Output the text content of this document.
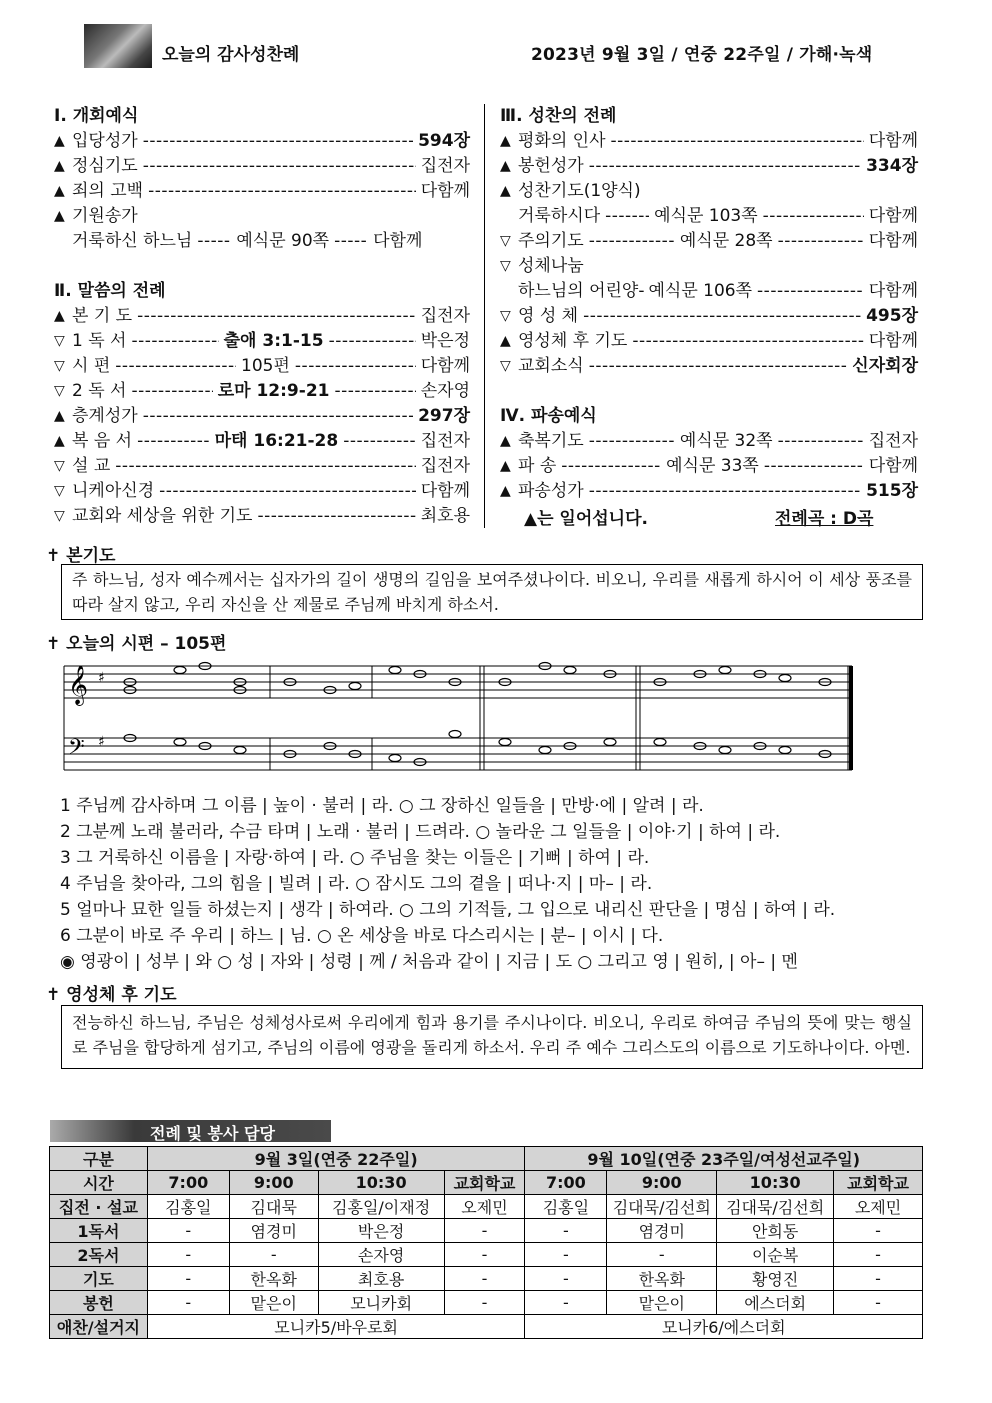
오늘의 감사성찬례	2023년 9월 3일 / 연중 22주일 / 가해·녹색
Ⅰ. 개회예식
▲ 입당성가 -----	594장
▲ 정심기도 -----	집전자
▲ 죄의 고백 -----	다함께
▲ 기원송가
거룩하신 하느님 -----	예식문 90쪽 -----	다함께
Ⅱ. 말씀의 전례
▲ 본 기 도 -----	집전자
▽ 1 독 서 -----	출애 3:1-15 -----	박은정
▽ 시 편 -----	105편 -----	다함께
▽ 2 독 서 -----	로마 12:9-21 -----	손자영
▲ 층계성가 -----	297장
▲ 복 음 서 -----	마태 16:21-28 -----	집전자
▽ 설 교 -----	집전자
▽ 니케아신경 -----	다함께
▽ 교회와 세상을 위한 기도 -----	최호용
Ⅲ. 성찬의 전례
▲ 평화의 인사 -----	다함께
▲ 봉헌성가 -----	334장
▲ 성찬기도(1양식)
거룩하시다 -----	예식문 103쪽 -----	다함께
▽ 주의기도 -----	예식문 28쪽 -----	다함께
▽ 성체나눔
하느님의 어린양- 예식문 106쪽 -----	다함께
▽ 영 성 체 -----	495장
▲ 영성체 후 기도 -----	다함께
▽ 교회소식 -----	신자회장
Ⅳ. 파송예식
▲ 축복기도 -----	예식문 32쪽 -----	집전자
▲ 파 송 -----	예식문 33쪽 -----	다함께
▲ 파송성가 -----	515장
▲는 일어섭니다.	전례곡 : D곡
✝ 본기도
주 하느님, 성자 예수께서는 십자가의 길이 생명의 길임을 보여주셨나이다. 비오니, 우리를 새롭게 하시어 이 세상 풍조를 따라 살지 않고, 우리 자신을 산 제물로 주님께 바치게 하소서.
✝ 오늘의 시편 – 105편
𝄞
𝄢
♯
♯
1 주님께 감사하며 그 이름 | 높이 · 불러 | 라. ○ 그 장하신 일들을 | 만방·에 | 알려 | 라.
2 그분께 노래 불러라, 수금 타며 | 노래 · 불러 | 드려라. ○ 놀라운 그 일들을 | 이야·기 | 하여 | 라.
3 그 거룩하신 이름을 | 자랑·하여 | 라. ○ 주님을 찾는 이들은 | 기뻐 | 하여 | 라.
4 주님을 찾아라, 그의 힘을 | 빌려 | 라. ○ 잠시도 그의 곁을 | 떠나·지 | 마– | 라.
5 얼마나 묘한 일들 하셨는지 | 생각 | 하여라. ○ 그의 기적들, 그 입으로 내리신 판단을 | 명심 | 하여 | 라.
6 그분이 바로 주 우리 | 하느 | 님. ○ 온 세상을 바로 다스리시는 | 분– | 이시 | 다.
◉ 영광이 | 성부 | 와 ○ 성 | 자와 | 성령 | 께 / 처음과 같이 | 지금 | 도 ○ 그리고 영 | 원히, | 아– | 멘
✝ 영성체 후 기도
전능하신 하느님, 주님은 성체성사로써 우리에게 힘과 용기를 주시나이다. 비오니, 우리로 하여금 주님의 뜻에 맞는 행실로 주님을 합당하게 섬기고, 주님의 이름에 영광을 돌리게 하소서. 우리 주 예수 그리스도의 이름으로 기도하나이다. 아멘.
전례 및 봉사 담당
구분	9월 3일(연중 22주일)				9월 10일(연중 23주일/여성선교주일)			
시간	7:00	9:00	10:30	교회학교	7:00	9:00	10:30	교회학교
집전 · 설교	김홍일	김대묵	김홍일/이재정	오제민	김홍일	김대묵/김선희	김대묵/김선희	오제민
1독서	-	염경미	박은정	-	-	염경미	안희동	-
2독서	-	-	손자영	-	-	-	이순복	-
기도	-	한옥화	최호용	-	-	한옥화	황영진	-
봉헌	-	맡은이	모니카회	-	-	맡은이	에스더회	-
애찬/설거지	모니카5/바우로회				모니카6/에스더회			
